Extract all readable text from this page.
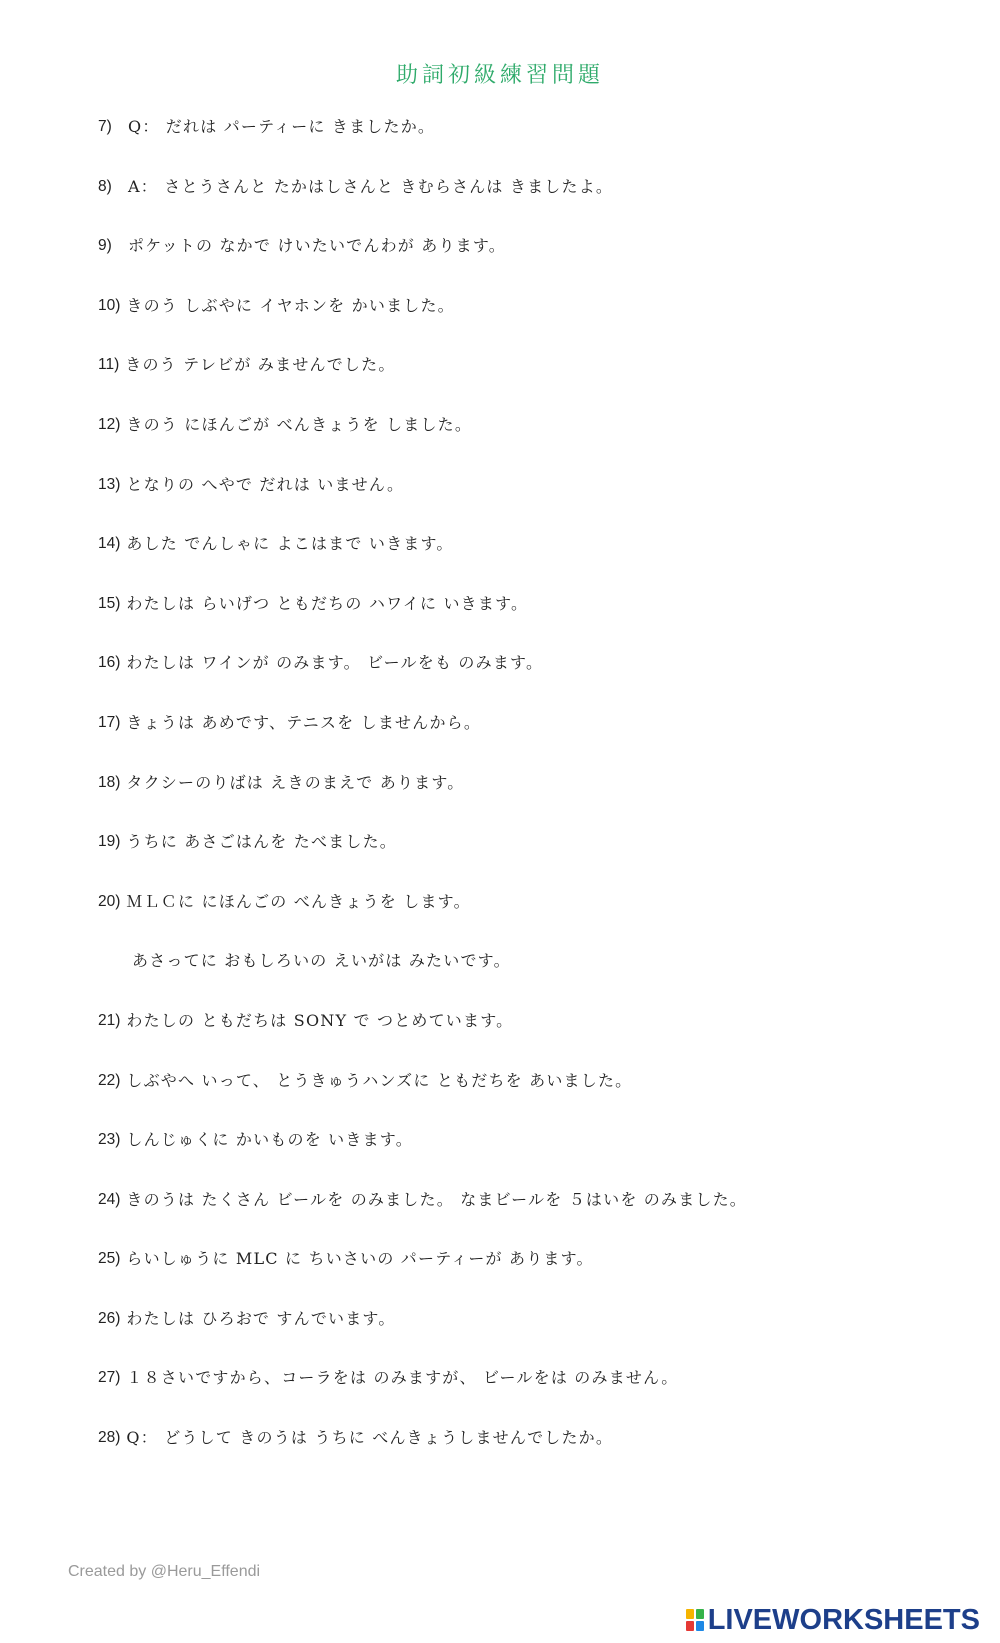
助詞初級練習問題
7)	Q： だれは パーティーに きましたか。
8)	A： さとうさんと たかはしさんと きむらさんは きましたよ。
9)	ポケットの なかで けいたいでんわが あります。
10) きのう しぶやに イヤホンを かいました。
11) きのう テレビが みませんでした。
12) きのう にほんごが べんきょうを しました。
13) となりの へやで だれは いません。
14) あした でんしゃに よこはまで いきます。
15) わたしは らいげつ ともだちの ハワイに いきます。
16) わたしは ワインが のみます。 ビールをも のみます。
17) きょうは あめです、テニスを しませんから。
18) タクシーのりばは えきのまえで あります。
19) うちに あさごはんを たべました。
20) ＭＬＣに にほんごの べんきょうを します。
あさってに おもしろいの えいがは みたいです。
21) わたしの ともだちは SONY で つとめています。
22) しぶやへ いって、 とうきゅうハンズに ともだちを あいました。
23) しんじゅくに かいものを いきます。
24) きのうは たくさん ビールを のみました。 なまビールを ５はいを のみました。
25) らいしゅうに MLC に ちいさいの パーティーが あります。
26) わたしは ひろおで すんでいます。
27) １８さいですから、コーラをは のみますが、 ビールをは のみません。
28) Q： どうして きのうは うちに べんきょうしませんでしたか。
Created by @Heru_Effendi
LIVEWORKSHEETS
